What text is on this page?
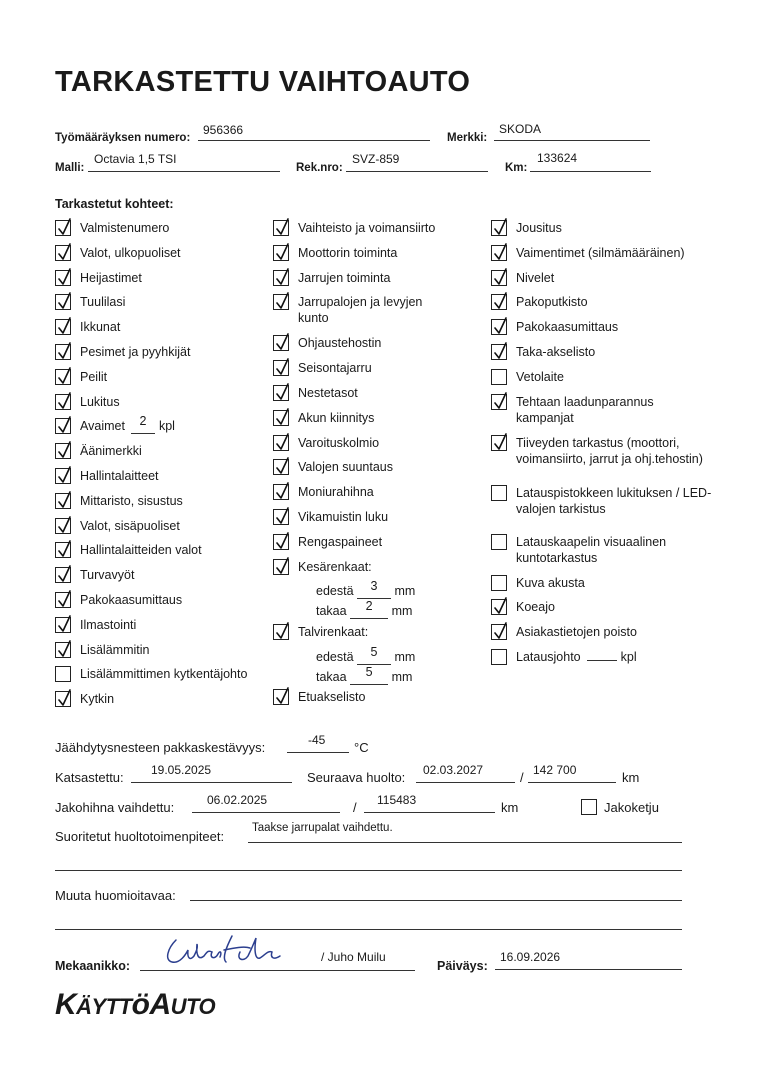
TARKASTETTU VAIHTOAUTO
Työmääräyksen numero:
956366
Merkki:
SKODA
Malli:
Octavia 1,5 TSI
Rek.nro:
SVZ-859
Km:
133624
Tarkastetut kohteet:
Valmistenumero
Valot, ulkopuoliset
Heijastimet
Tuulilasi
Ikkunat
Pesimet ja pyyhkijät
Peilit
Lukitus
Avaimet 2 kpl
Äänimerkki
Hallintalaitteet
Mittaristo, sisustus
Valot, sisäpuoliset
Hallintalaitteiden valot
Turvavyöt
Pakokaasumittaus
Ilmastointi
Lisälämmitin
Lisälämmittimen kytkentäjohto
Kytkin
Vaihteisto ja voimansiirto
Moottorin toiminta
Jarrujen toiminta
Jarrupalojen ja levyjen kunto
Ohjaustehostin
Seisontajarru
Nestetasot
Akun kiinnitys
Varoituskolmio
Valojen suuntaus
Moniurahihna
Vikamuistin luku
Rengaspaineet
Kesärenkaat:
Talvirenkaat:
Etuakselisto
Jousitus
Vaimentimet (silmämääräinen)
Nivelet
Pakoputkisto
Pakokaasumittaus
Taka-akselisto
Vetolaite
Tehtaan laadunparannus kampanjat
Tiiveyden tarkastus (moottori, voimansiirto, jarrut ja ohj.tehostin)
Latauspistokkeen lukituksen / LED-valojen tarkistus
Latauskaapelin visuaalinen kuntotarkastus
Kuva akusta
Koeajo
Asiakastietojen poisto
Latausjohto	kpl
edestä 3 mm
takaa 2 mm
edestä 5 mm
takaa 5 mm
Jäähdytysnesteen pakkaskestävyys:	-45 °C
Katsastettu: 19.05.2025	Seuraava huolto: 02.03.2027	/ 142 700	km
Jakohihna vaihdettu:	06.02.2025	/ 115483	km	Jakoketju
Suoritetut huoltotoimenpiteet:
Taakse jarrupalat vaihdettu.
Muuta huomioitavaa:
Mekaanikko:
/ Juho Muilu
Päiväys:
16.09.2026
KÄYTTöAUTO
